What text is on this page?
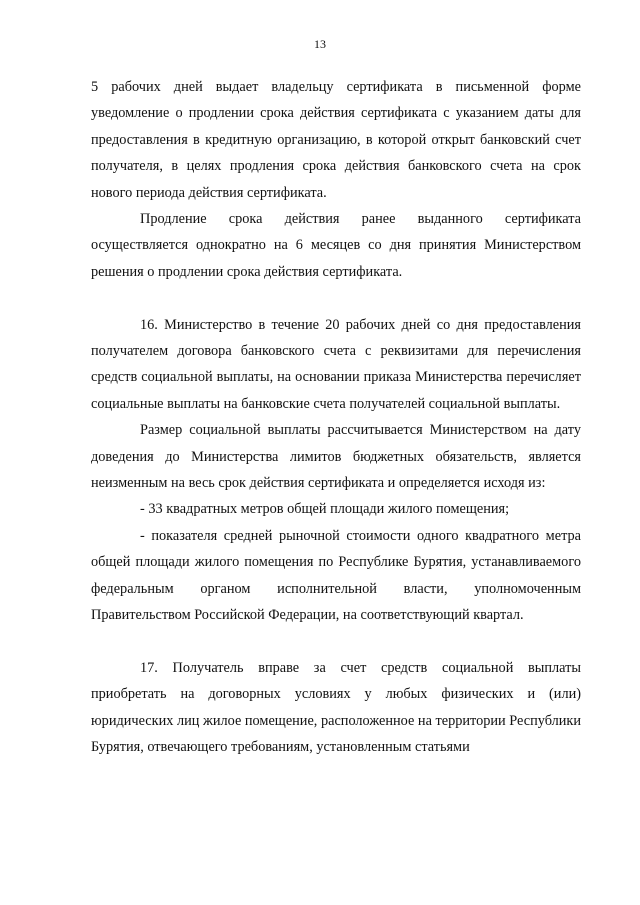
13

5 рабочих дней выдает владельцу сертификата в письменной форме уведомление о продлении срока действия сертификата с указанием даты для предоставления в кредитную организацию, в которой открыт банковский счет получателя, в целях продления срока действия банковского счета на срок нового периода действия сертификата.

Продление срока действия ранее выданного сертификата осуществляется однократно на 6 месяцев со дня принятия Министерством решения о продлении срока действия сертификата.

16. Министерство в течение 20 рабочих дней со дня предоставления получателем договора банковского счета с реквизитами для перечисления средств социальной выплаты, на основании приказа Министерства перечисляет социальные выплаты на банковские счета получателей социальной выплаты.

Размер социальной выплаты рассчитывается Министерством на дату доведения до Министерства лимитов бюджетных обязательств, является неизменным на весь срок действия сертификата и определяется исходя из:

- 33 квадратных метров общей площади жилого помещения;

- показателя средней рыночной стоимости одного квадратного метра общей площади жилого помещения по Республике Бурятия, устанавливаемого федеральным органом исполнительной власти, уполномоченным Правительством Российской Федерации, на соответствующий квартал.

17. Получатель вправе за счет средств социальной выплаты приобретать на договорных условиях у любых физических и (или) юридических лиц жилое помещение, расположенное на территории Республики Бурятия, отвечающего требованиям, установленным статьями
